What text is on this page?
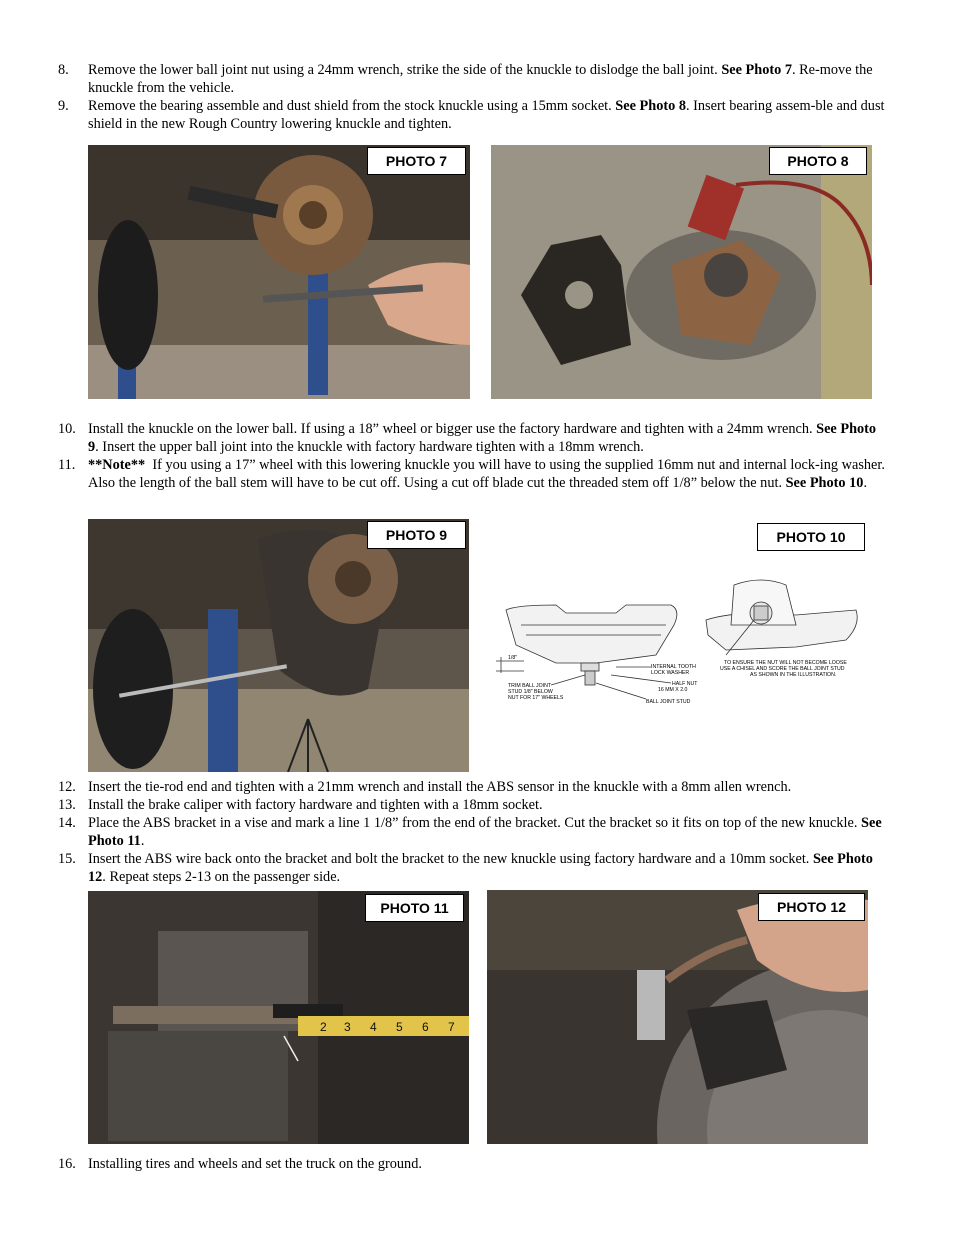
8.	Remove the lower ball joint nut using a 24mm wrench, strike the side of the knuckle to dislodge the ball joint. See Photo 7. Re-move the knuckle from the vehicle.
9.	Remove the bearing assemble and dust shield from the stock knuckle using a 15mm socket. See Photo 8. Insert bearing assem-ble and dust shield in the new Rough Country lowering knuckle and tighten.
PHOTO 7	PHOTO 8
10. Install the knuckle on the lower ball. If using a 18” wheel or bigger use the factory hardware and tighten with a 24mm wrench. See Photo 9. Insert the upper ball joint into the knuckle with factory hardware tighten with a 18mm wrench.
11. **Note** If you using a 17” wheel with this lowering knuckle you will have to using the supplied 16mm nut and internal lock-ing washer. Also the length of the ball stem will have to be cut off. Using a cut off blade cut the threaded stem off 1/8” below the nut. See Photo 10.
PHOTO 9	PHOTO 10
1/8"
TRIM BALL JOINT
STUD 1/8" BELOW
NUT FOR 17" WHEELS
INTERNAL TOOTH
LOCK WASHER
HALF NUT
16 MM X 2.0
BALL JOINT STUD
TO ENSURE THE NUT WILL NOT BECOME LOOSE
USE A CHISEL AND SCORE THE BALL JOINT STUD
AS SHOWN IN THE ILLUSTRATION.
12. Insert the tie-rod end and tighten with a 21mm wrench and install the ABS sensor in the knuckle with a 8mm allen wrench.
13. Install the brake caliper with factory hardware and tighten with a 18mm socket.
14. Place the ABS bracket in a vise and mark a line 1 1/8” from the end of the bracket. Cut the bracket so it fits on top of the new knuckle. See Photo 11.
15. Insert the ABS wire back onto the bracket and bolt the bracket to the new knuckle using factory hardware and a 10mm socket. See Photo 12. Repeat steps 2-13 on the passenger side.
2 3 4 5 6 7
PHOTO 11	PHOTO 12
16. Installing tires and wheels and set the truck on the ground.
